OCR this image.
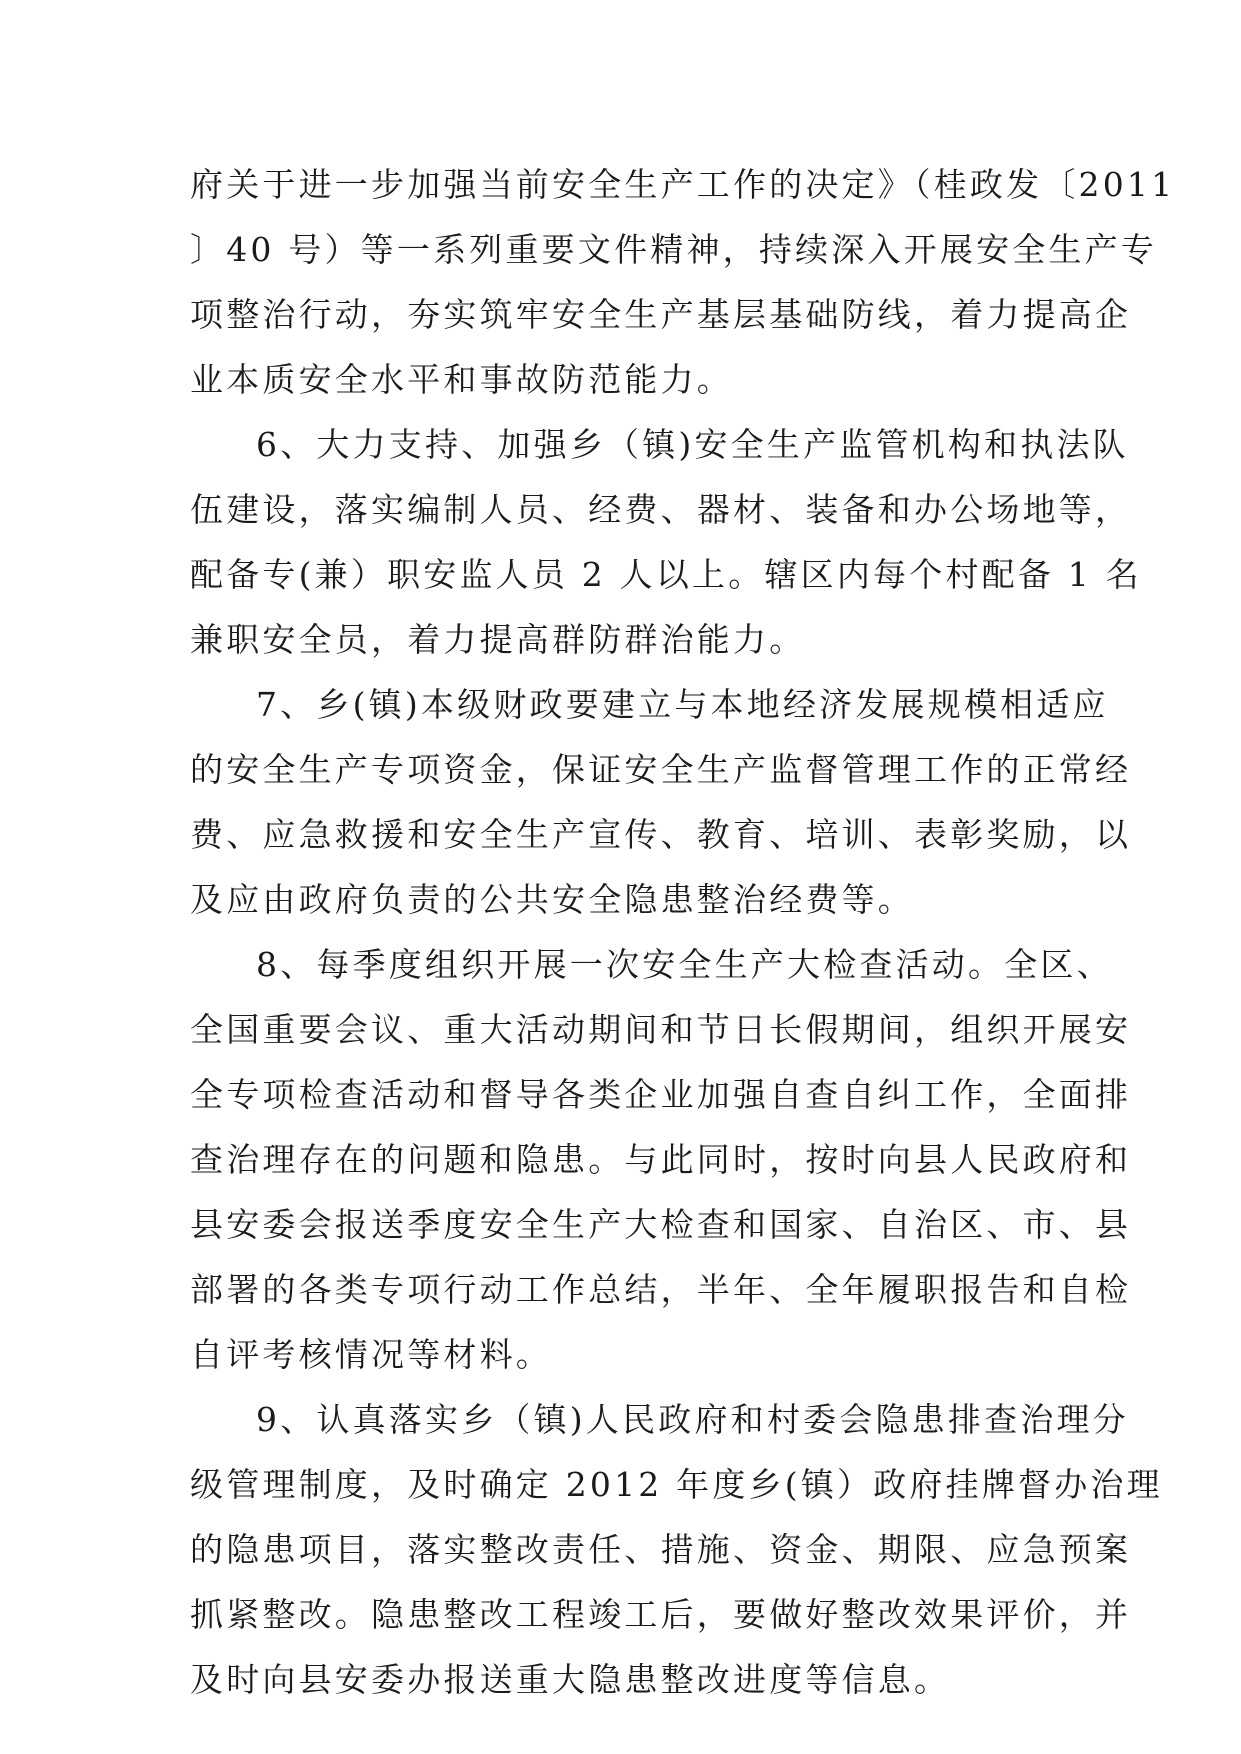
府关于进一步加强当前安全生产工作的决定》（桂政发〔2011
〕40 号）等一系列重要文件精神，持续深入开展安全生产专
项整治行动，夯实筑牢安全生产基层基础防线，着力提高企
业本质安全水平和事故防范能力。

6、大力支持、加强乡（镇)安全生产监管机构和执法队
伍建设，落实编制人员、经费、器材、装备和办公场地等，
配备专(兼）职安监人员 2 人以上。辖区内每个村配备 1 名
兼职安全员，着力提高群防群治能力。

7、乡(镇)本级财政要建立与本地经济发展规模相适应
的安全生产专项资金，保证安全生产监督管理工作的正常经
费、应急救援和安全生产宣传、教育、培训、表彰奖励，以
及应由政府负责的公共安全隐患整治经费等。

8、每季度组织开展一次安全生产大检查活动。全区、
全国重要会议、重大活动期间和节日长假期间，组织开展安
全专项检查活动和督导各类企业加强自查自纠工作，全面排
查治理存在的问题和隐患。与此同时，按时向县人民政府和
县安委会报送季度安全生产大检查和国家、自治区、市、县
部署的各类专项行动工作总结，半年、全年履职报告和自检
自评考核情况等材料。

9、认真落实乡（镇)人民政府和村委会隐患排查治理分
级管理制度，及时确定 2012 年度乡(镇）政府挂牌督办治理
的隐患项目，落实整改责任、措施、资金、期限、应急预案
抓紧整改。隐患整改工程竣工后，要做好整改效果评价，并
及时向县安委办报送重大隐患整改进度等信息。
